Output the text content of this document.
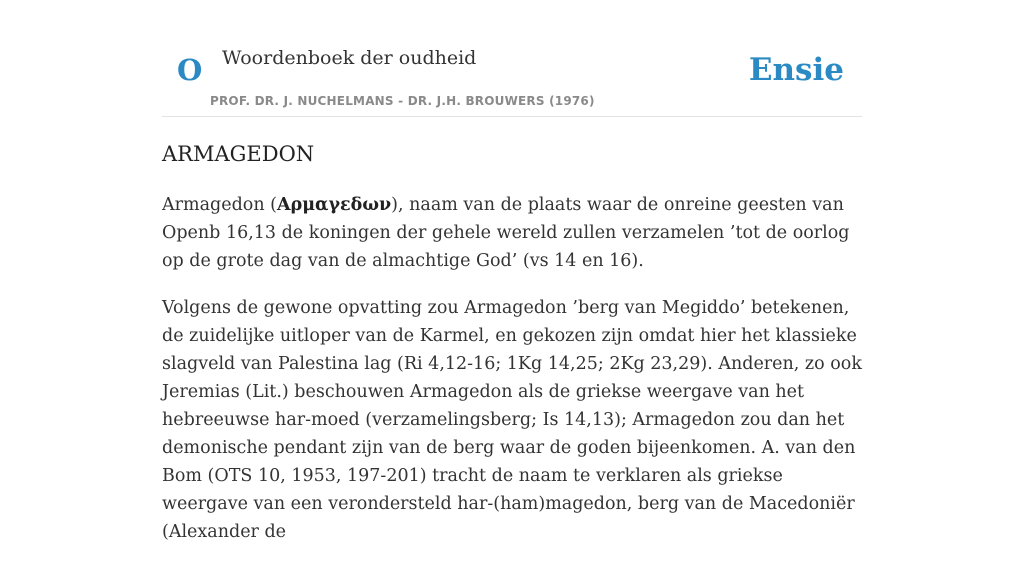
O Woordenboek der oudheid
PROF. DR. J. NUCHELMANS - DR. J.H. BROUWERS (1976)
Ensie
ARMAGEDON

Armagedon (Αρμαγεδων), naam van de plaats waar de onreine geesten van Openb 16,13 de koningen der gehele wereld zullen verzamelen ’tot de oorlog op de grote dag van de almachtige God’ (vs 14 en 16).

Volgens de gewone opvatting zou Armagedon ’berg van Megiddo’ betekenen, de zuidelijke uitloper van de Karmel, en gekozen zijn omdat hier het klassieke slagveld van Palestina lag (Ri 4,12-16; 1Kg 14,25; 2Kg 23,29). Anderen, zo ook Jeremias (Lit.) beschouwen Armagedon als de griekse weergave van het hebreeuwse har-moed (verzamelingsberg; Is 14,13); Armagedon zou dan het demonische pendant zijn van de berg waar de goden bijeenkomen. A. van den Bom (OTS 10, 1953, 197-201) tracht de naam te verklaren als griekse weergave van een verondersteld har-(ham)magedon, berg van de Macedoniër (Alexander de
